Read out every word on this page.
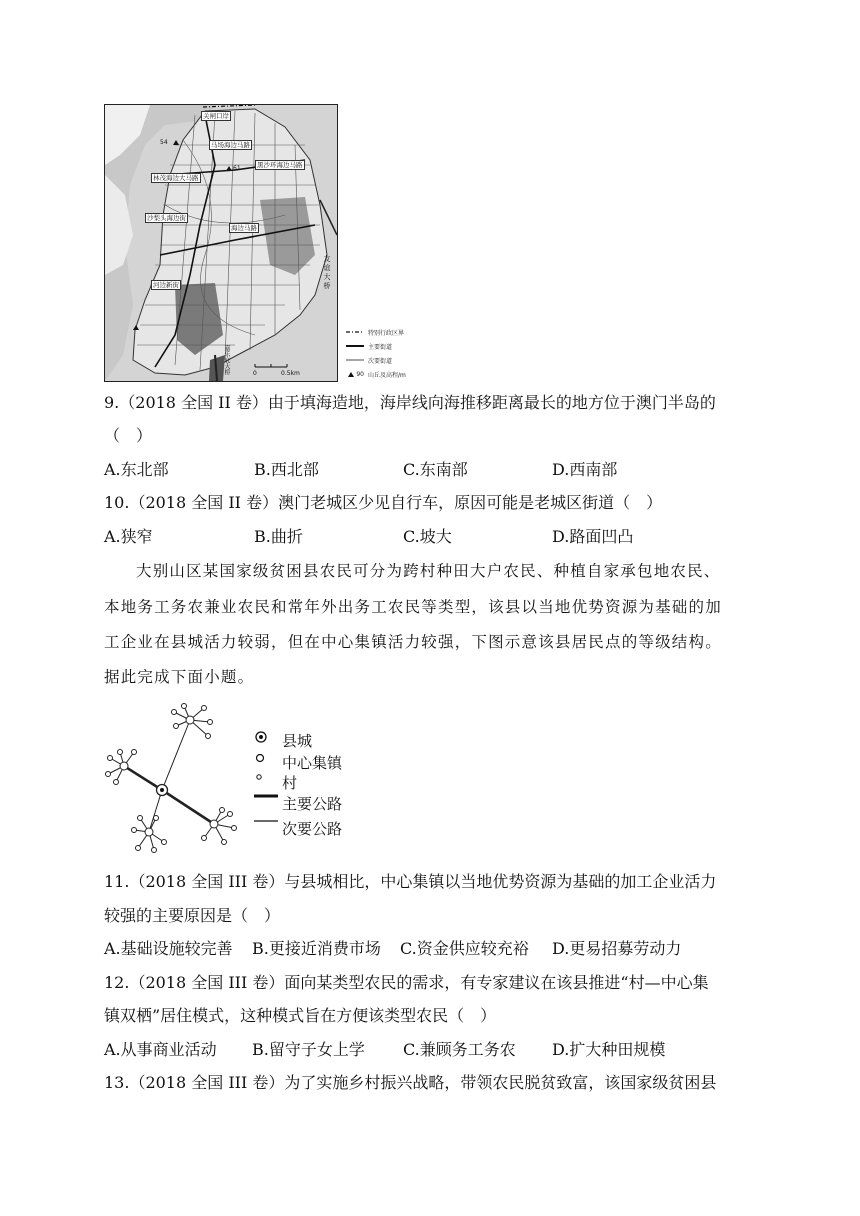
关闸口岸
马场海边马路
黑沙环海边马路
林茂海边大马路
沙梨头海边街
海边马路
河边新街
54
61
友谊大桥
嘉乐庇大桥	0	0.5km
特别行政区界
主要街道
次要街道
90 山丘及高程/m
9.（2018 全国 II 卷）由于填海造地，海岸线向海推移距离最长的地方位于澳门半岛的
（　）
A.东北部	B.西北部	C.东南部	D.西南部
10.（2018 全国 II 卷）澳门老城区少见自行车，原因可能是老城区街道（　）
A.狭窄	B.曲折	C.坡大	D.路面凹凸
大别山区某国家级贫困县农民可分为跨村种田大户农民、种植自家承包地农民、
本地务工务农兼业农民和常年外出务工农民等类型，该县以当地优势资源为基础的加
工企业在县城活力较弱，但在中心集镇活力较强，下图示意该县居民点的等级结构。
据此完成下面小题。
县城
中心集镇
村
主要公路
次要公路
11.（2018 全国 III 卷）与县城相比，中心集镇以当地优势资源为基础的加工企业活力
较强的主要原因是（　）
A.基础设施较完善 B.更接近消费市场 C.资金供应较充裕 D.更易招募劳动力
12.（2018 全国 III 卷）面向某类型农民的需求，有专家建议在该县推进“村—中心集
镇双栖”居住模式，这种模式旨在方便该类型农民（　）
A.从事商业活动 B.留守子女上学 C.兼顾务工务农 D.扩大种田规模
13.（2018 全国 III 卷）为了实施乡村振兴战略，带领农民脱贫致富，该国家级贫困县
